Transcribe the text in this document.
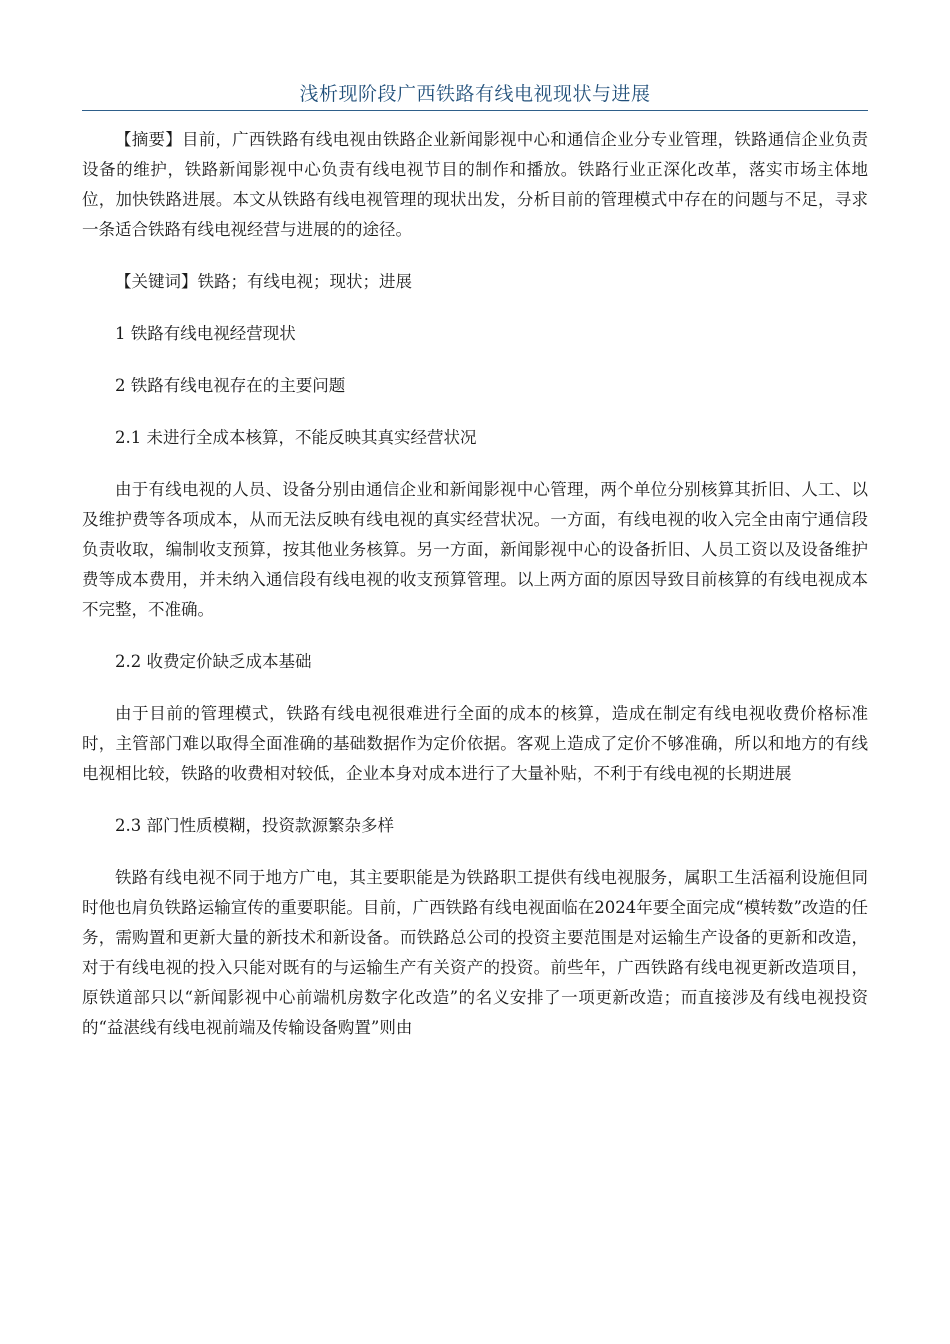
浅析现阶段广西铁路有线电视现状与进展

【摘要】目前，广西铁路有线电视由铁路企业新闻影视中心和通信企业分专业管理，铁路通信企业负责设备的维护，铁路新闻影视中心负责有线电视节目的制作和播放。铁路行业正深化改革，落实市场主体地位，加快铁路进展。本文从铁路有线电视管理的现状出发，分析目前的管理模式中存在的问题与不足，寻求一条适合铁路有线电视经营与进展的的途径。

【关键词】铁路；有线电视；现状；进展

1 铁路有线电视经营现状

2 铁路有线电视存在的主要问题

2.1 未进行全成本核算，不能反映其真实经营状况

由于有线电视的人员、设备分别由通信企业和新闻影视中心管理，两个单位分别核算其折旧、人工、以及维护费等各项成本，从而无法反映有线电视的真实经营状况。一方面，有线电视的收入完全由南宁通信段负责收取，编制收支预算，按其他业务核算。另一方面，新闻影视中心的设备折旧、人员工资以及设备维护费等成本费用，并未纳入通信段有线电视的收支预算管理。以上两方面的原因导致目前核算的有线电视成本不完整，不准确。

2.2 收费定价缺乏成本基础

由于目前的管理模式，铁路有线电视很难进行全面的成本的核算，造成在制定有线电视收费价格标准时，主管部门难以取得全面准确的基础数据作为定价依据。客观上造成了定价不够准确，所以和地方的有线电视相比较，铁路的收费相对较低，企业本身对成本进行了大量补贴，不利于有线电视的长期进展

2.3 部门性质模糊，投资款源繁杂多样

铁路有线电视不同于地方广电，其主要职能是为铁路职工提供有线电视服务，属职工生活福利设施但同时他也肩负铁路运输宣传的重要职能。目前，广西铁路有线电视面临在2024年要全面完成“模转数”改造的任务，需购置和更新大量的新技术和新设备。而铁路总公司的投资主要范围是对运输生产设备的更新和改造，对于有线电视的投入只能对既有的与运输生产有关资产的投资。前些年，广西铁路有线电视更新改造项目，原铁道部只以“新闻影视中心前端机房数字化改造”的名义安排了一项更新改造；而直接涉及有线电视投资的“益湛线有线电视前端及传输设备购置”则由
